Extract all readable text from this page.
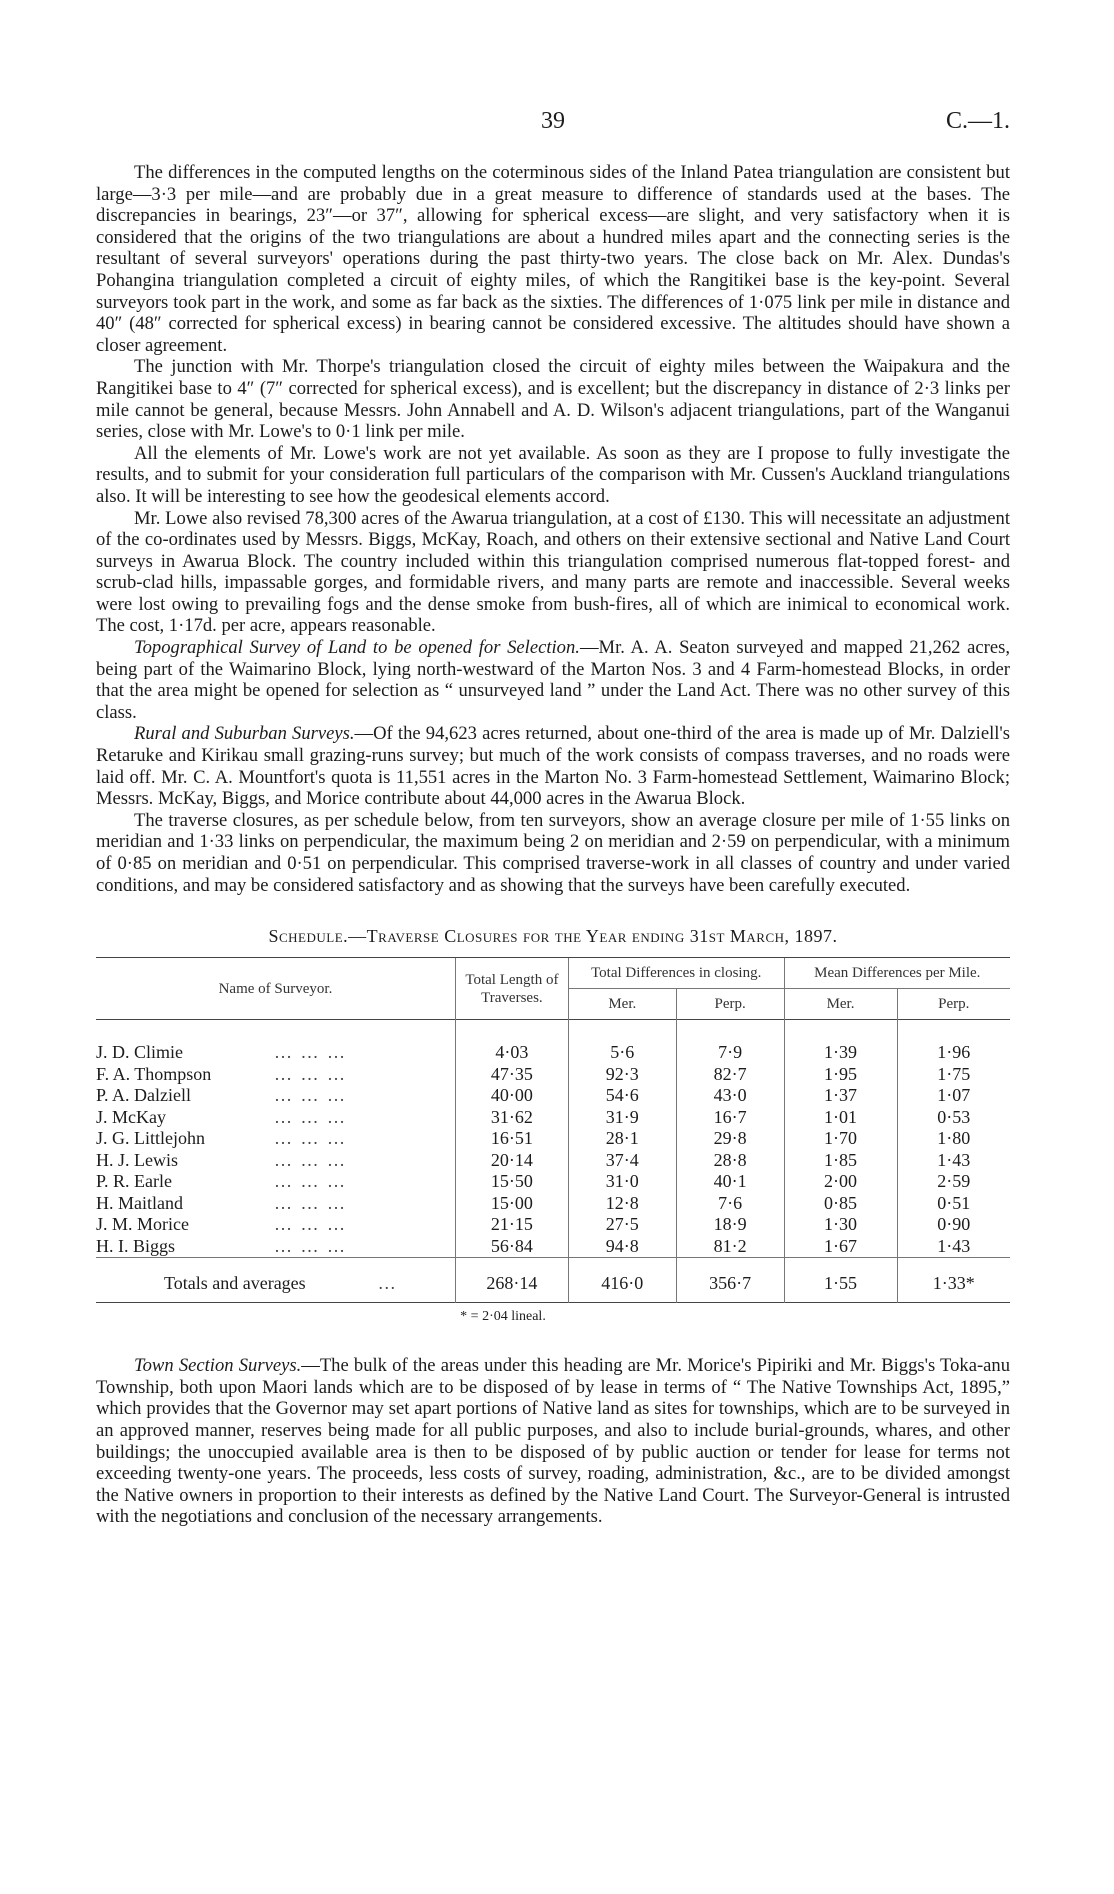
39	C.—1.

The differences in the computed lengths on the coterminous sides of the Inland Patea triangulation are consistent but large—3·3 per mile—and are probably due in a great measure to difference of standards used at the bases. The discrepancies in bearings, 23″—or 37″, allowing for spherical excess—are slight, and very satisfactory when it is considered that the origins of the two triangulations are about a hundred miles apart and the connecting series is the resultant of several surveyors' operations during the past thirty-two years. The close back on Mr. Alex. Dundas's Pohangina triangulation completed a circuit of eighty miles, of which the Rangitikei base is the key-point. Several surveyors took part in the work, and some as far back as the sixties. The differences of 1·075 link per mile in distance and 40″ (48″ corrected for spherical excess) in bearing cannot be considered excessive. The altitudes should have shown a closer agreement.

The junction with Mr. Thorpe's triangulation closed the circuit of eighty miles between the Waipakura and the Rangitikei base to 4″ (7″ corrected for spherical excess), and is excellent; but the discrepancy in distance of 2·3 links per mile cannot be general, because Messrs. John Annabell and A. D. Wilson's adjacent triangulations, part of the Wanganui series, close with Mr. Lowe's to 0·1 link per mile.

All the elements of Mr. Lowe's work are not yet available. As soon as they are I propose to fully investigate the results, and to submit for your consideration full particulars of the comparison with Mr. Cussen's Auckland triangulations also. It will be interesting to see how the geodesical elements accord.

Mr. Lowe also revised 78,300 acres of the Awarua triangulation, at a cost of £130. This will necessitate an adjustment of the co-ordinates used by Messrs. Biggs, McKay, Roach, and others on their extensive sectional and Native Land Court surveys in Awarua Block. The country included within this triangulation comprised numerous flat-topped forest- and scrub-clad hills, impassable gorges, and formidable rivers, and many parts are remote and inaccessible. Several weeks were lost owing to prevailing fogs and the dense smoke from bush-fires, all of which are inimical to economical work. The cost, 1·17d. per acre, appears reasonable.

Topographical Survey of Land to be opened for Selection.—Mr. A. A. Seaton surveyed and mapped 21,262 acres, being part of the Waimarino Block, lying north-westward of the Marton Nos. 3 and 4 Farm-homestead Blocks, in order that the area might be opened for selection as “ unsurveyed land ” under the Land Act. There was no other survey of this class.

Rural and Suburban Surveys.—Of the 94,623 acres returned, about one-third of the area is made up of Mr. Dalziell's Retaruke and Kirikau small grazing-runs survey; but much of the work consists of compass traverses, and no roads were laid off. Mr. C. A. Mountfort's quota is 11,551 acres in the Marton No. 3 Farm-homestead Settlement, Waimarino Block; Messrs. McKay, Biggs, and Morice contribute about 44,000 acres in the Awarua Block.

The traverse closures, as per schedule below, from ten surveyors, show an average closure per mile of 1·55 links on meridian and 1·33 links on perpendicular, the maximum being 2 on meridian and 2·59 on perpendicular, with a minimum of 0·85 on meridian and 0·51 on perpendicular. This comprised traverse-work in all classes of country and under varied conditions, and may be considered satisfactory and as showing that the surveys have been carefully executed.

Schedule.—Traverse Closures for the Year ending 31st March, 1897.
Name of Surveyor.	Total Length of Traverses.	Total Differences in closing.		Mean Differences per Mile.	
		Mer.	Perp.	Mer.	Perp.

J. D. Climie … … …	4·03	5·6	7·9	1·39	1·96
F. A. Thompson … … …	47·35	92·3	82·7	1·95	1·75
P. A. Dalziell … … …	40·00	54·6	43·0	1·37	1·07
J. McKay … … …	31·62	31·9	16·7	1·01	0·53
J. G. Littlejohn … … …	16·51	28·1	29·8	1·70	1·80
H. J. Lewis … … …	20·14	37·4	28·8	1·85	1·43
P. R. Earle … … …	15·50	31·0	40·1	2·00	2·59
H. Maitland … … …	15·00	12·8	7·6	0·85	0·51
J. M. Morice … … …	21·15	27·5	18·9	1·30	0·90
H. I. Biggs … … …	56·84	94·8	81·2	1·67	1·43
Totals and averages …	268·14	416·0	356·7	1·55	1·33*

* = 2·04 lineal.

Town Section Surveys.—The bulk of the areas under this heading are Mr. Morice's Pipiriki and Mr. Biggs's Toka-anu Township, both upon Maori lands which are to be disposed of by lease in terms of “ The Native Townships Act, 1895,” which provides that the Governor may set apart portions of Native land as sites for townships, which are to be surveyed in an approved manner, reserves being made for all public purposes, and also to include burial-grounds, whares, and other buildings; the unoccupied available area is then to be disposed of by public auction or tender for lease for terms not exceeding twenty-one years. The proceeds, less costs of survey, roading, administration, &c., are to be divided amongst the Native owners in proportion to their interests as defined by the Native Land Court. The Surveyor-General is intrusted with the negotiations and conclusion of the necessary arrangements.
